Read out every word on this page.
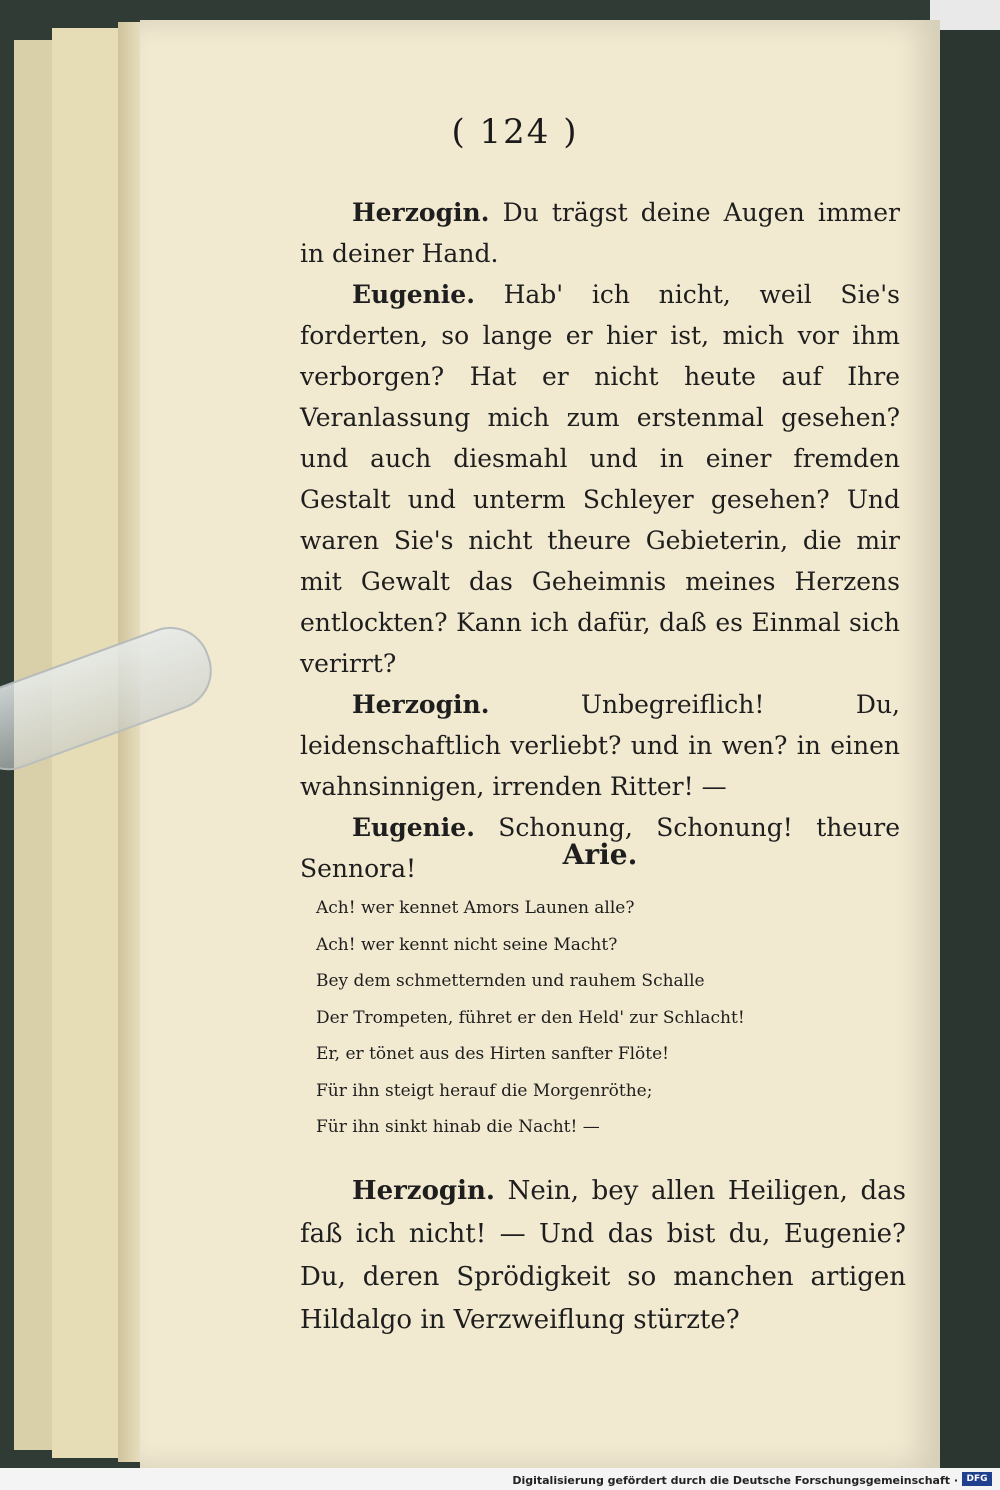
( 124 )

Herzogin. Du trägst deine Augen immer in deiner Hand.

Eugenie. Hab' ich nicht, weil Sie's forderten, so lange er hier ist, mich vor ihm verborgen? Hat er nicht heute auf Ihre Veranlassung mich zum erstenmal gesehen? und auch diesmahl und in einer fremden Gestalt und unterm Schleyer gesehen? Und waren Sie's nicht theure Gebieterin, die mir mit Gewalt das Geheimnis meines Herzens entlockten? Kann ich dafür, daß es Einmal sich verirrt?

Herzogin.	Unbegreiflich! Du, leidenschaftlich verliebt? und in wen? in einen wahnsinnigen, irrenden Ritter! —

Eugenie. Schonung, Schonung! theure Sennora!	Arie.
Ach! wer kennet Amors Launen alle?
Ach! wer kennt nicht seine Macht?
Bey dem schmetternden und rauhem Schalle
Der Trompeten, führet er den Held' zur Schlacht!
Er, er tönet aus des Hirten sanfter Flöte!
Für ihn steigt herauf die Morgenröthe;
Für ihn sinkt hinab die Nacht! —

Herzogin. Nein, bey allen Heiligen, das faß ich nicht! — Und das bist du, Eugenie? Du, deren Sprödigkeit so manchen artigen Hildalgo in Verzweiflung stürzte?

Digitalisierung gefördert durch die Deutsche Forschungsgemeinschaft · DFG
